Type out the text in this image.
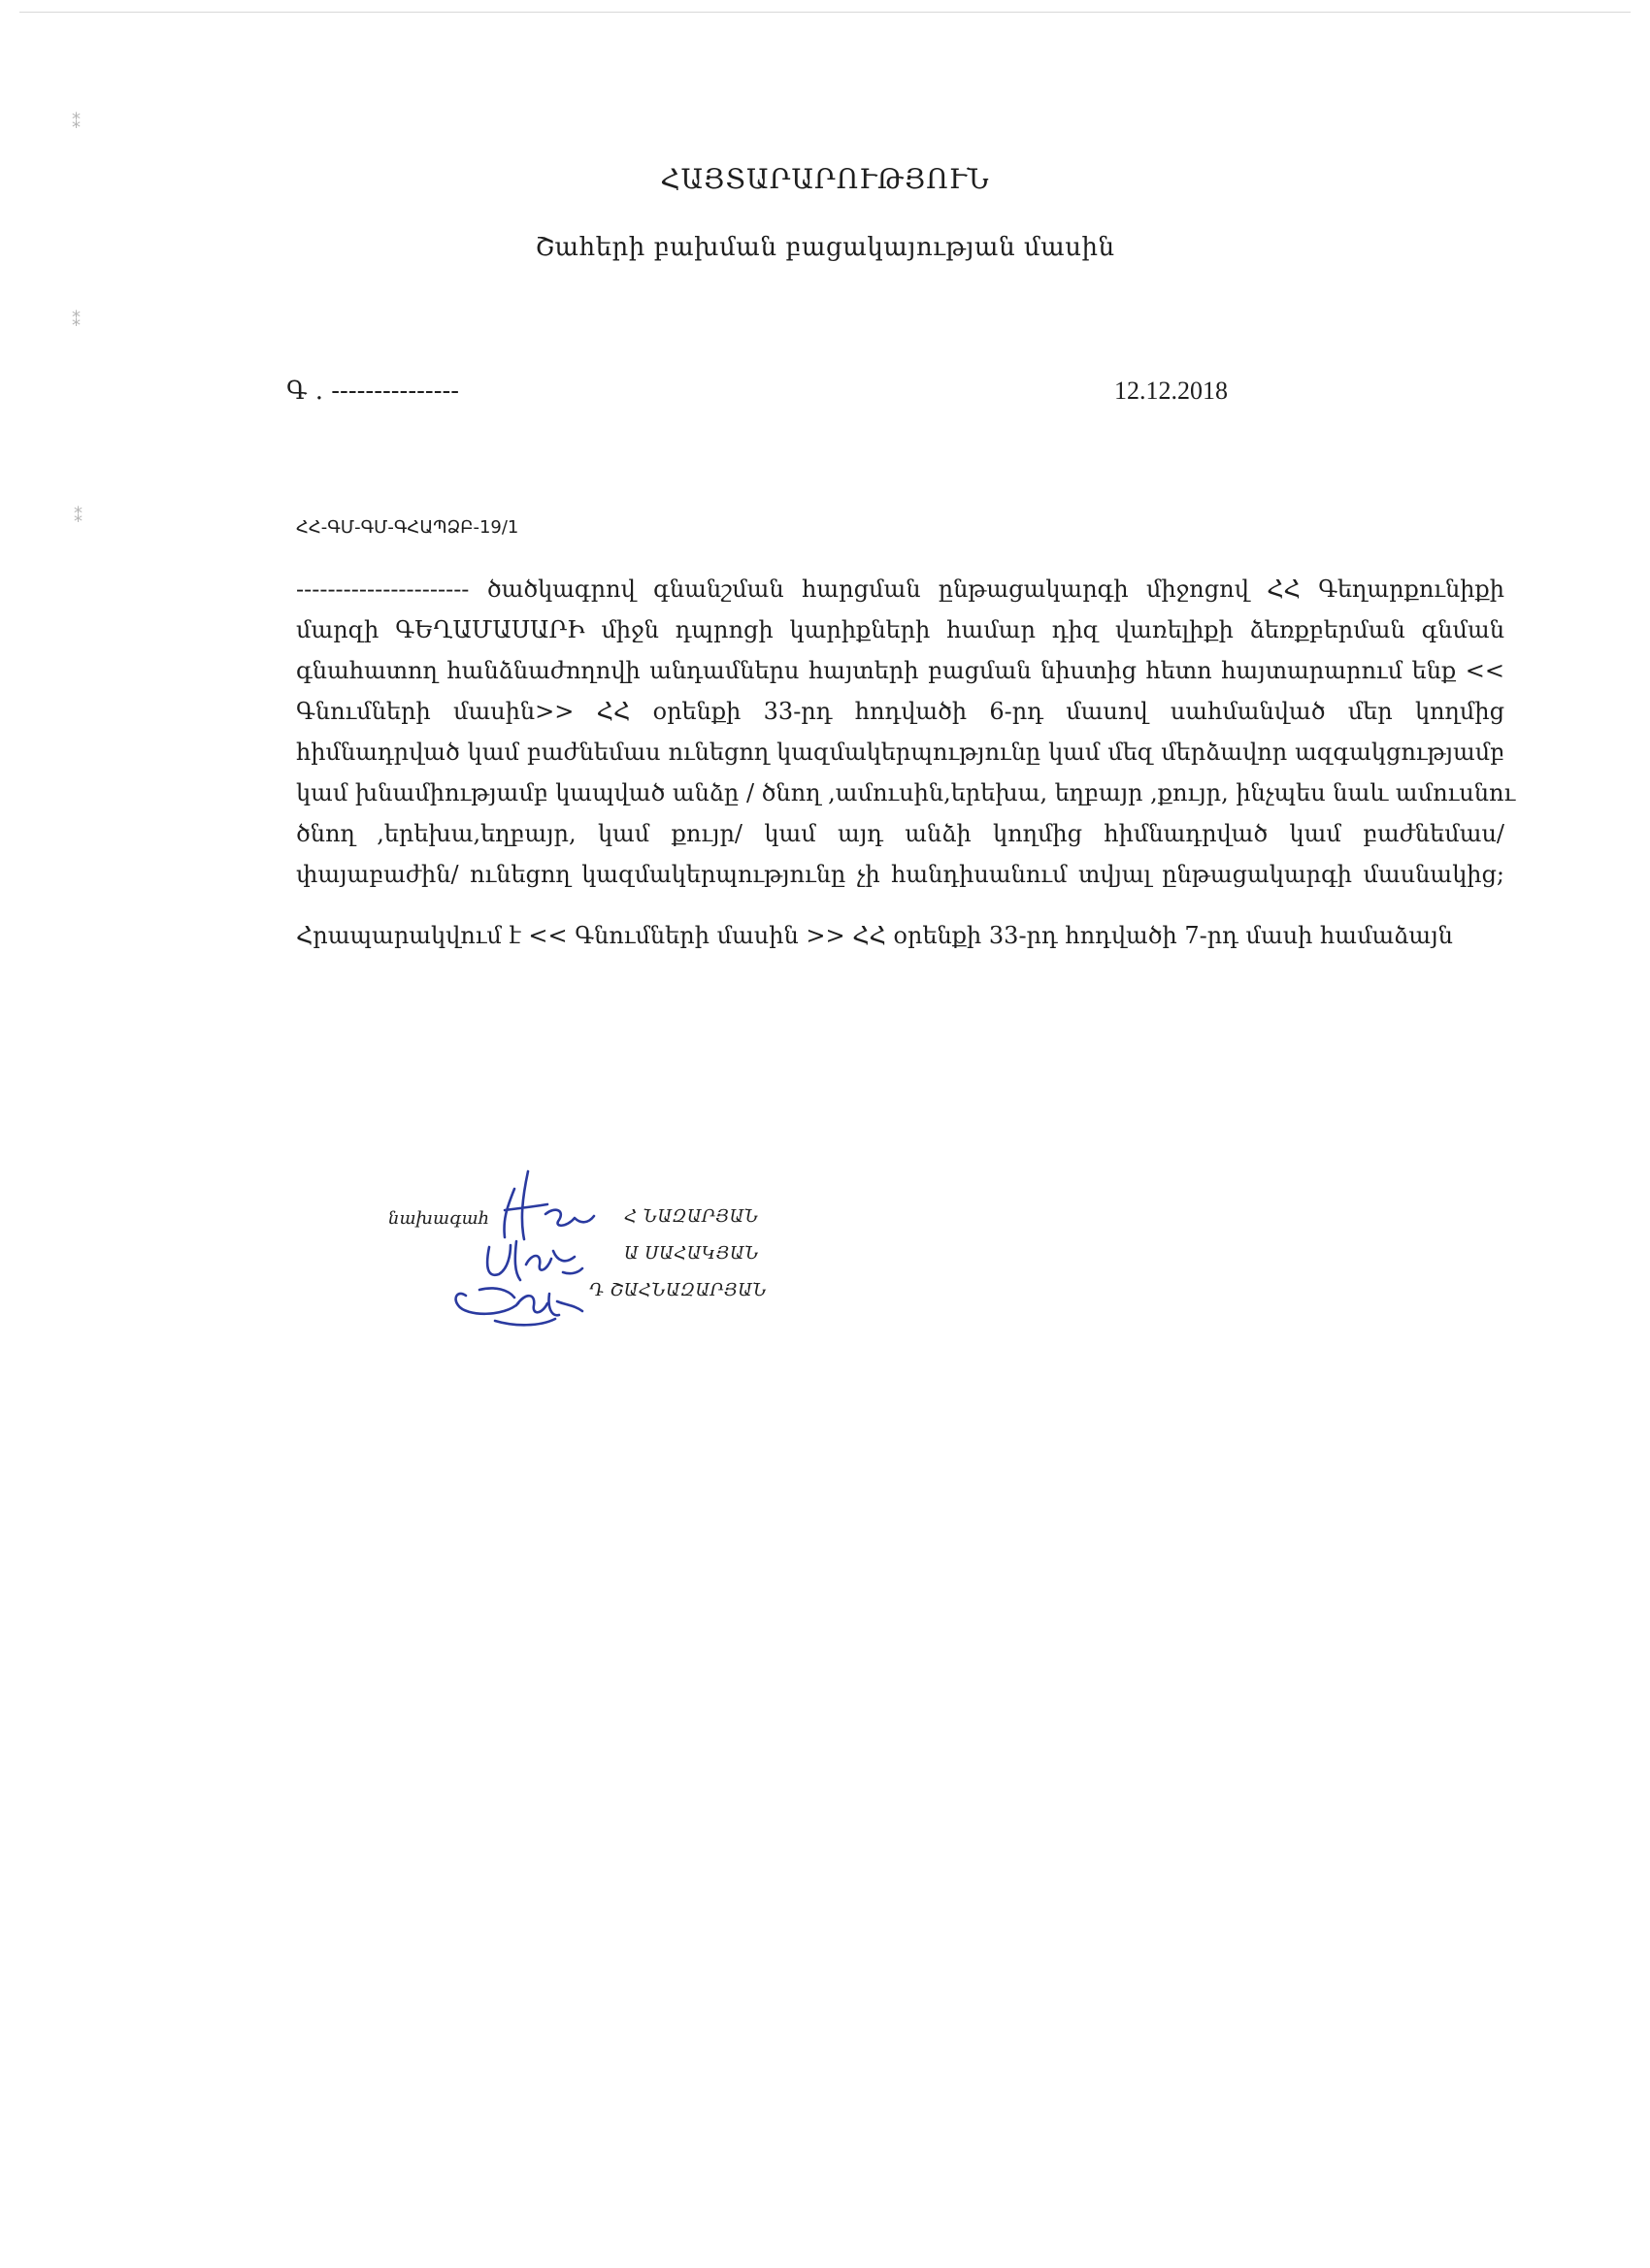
⁑
⁑
⁑
ՀԱՅՏԱՐԱՐՈՒԹՅՈՒՆ
Շահերի բախման բացակայության մասին
Գ . ---------------	12.12.2018
ՀՀ-ԳՄ-ԳՄ-ԳՀԱՊՁԲ-19/1
---------------------- ծածկագրով գնանշման հարցման ընթացակարգի միջոցով ՀՀ Գեղարքունիքի
մարզի ԳԵՂԱՄԱՍԱՐԻ միջն դպրոցի կարիքների համար դիզ վառելիքի ձեռքբերման գնման
գնահատող հանձնաժողովի անդամներս հայտերի բացման նիստից հետո հայտարարում ենք <<
Գնումների մասին>> ՀՀ օրենքի 33-րդ հոդվածի 6-րդ մասով սահմանված մեր կողմից
հիմնադրված կամ բաժնեմաս ունեցող կազմակերպությունը կամ մեզ մերձավոր ազգակցությամբ
կամ խնամիությամբ կապված անձը / ծնող ,ամուսին,երեխա, եղբայր ,քույր, ինչպես նաև ամուսնու
ծնող ,երեխա,եղբայր, կամ քույր/ կամ այդ անձի կողմից հիմնադրված կամ բաժնեմաս/
փայաբաժին/ ունեցող կազմակերպությունը չի հանդիսանում տվյալ ընթացակարգի մասնակից;
Հրապարակվում է << Գնումների մասին >> ՀՀ օրենքի 33-րդ հոդվածի 7-րդ մասի համաձայն
նախագահ	Հ ՆԱԶԱՐՅԱՆ
Ա ՍԱՀԱԿՅԱՆ
Դ ՇԱՀՆԱԶԱՐՅԱՆ
